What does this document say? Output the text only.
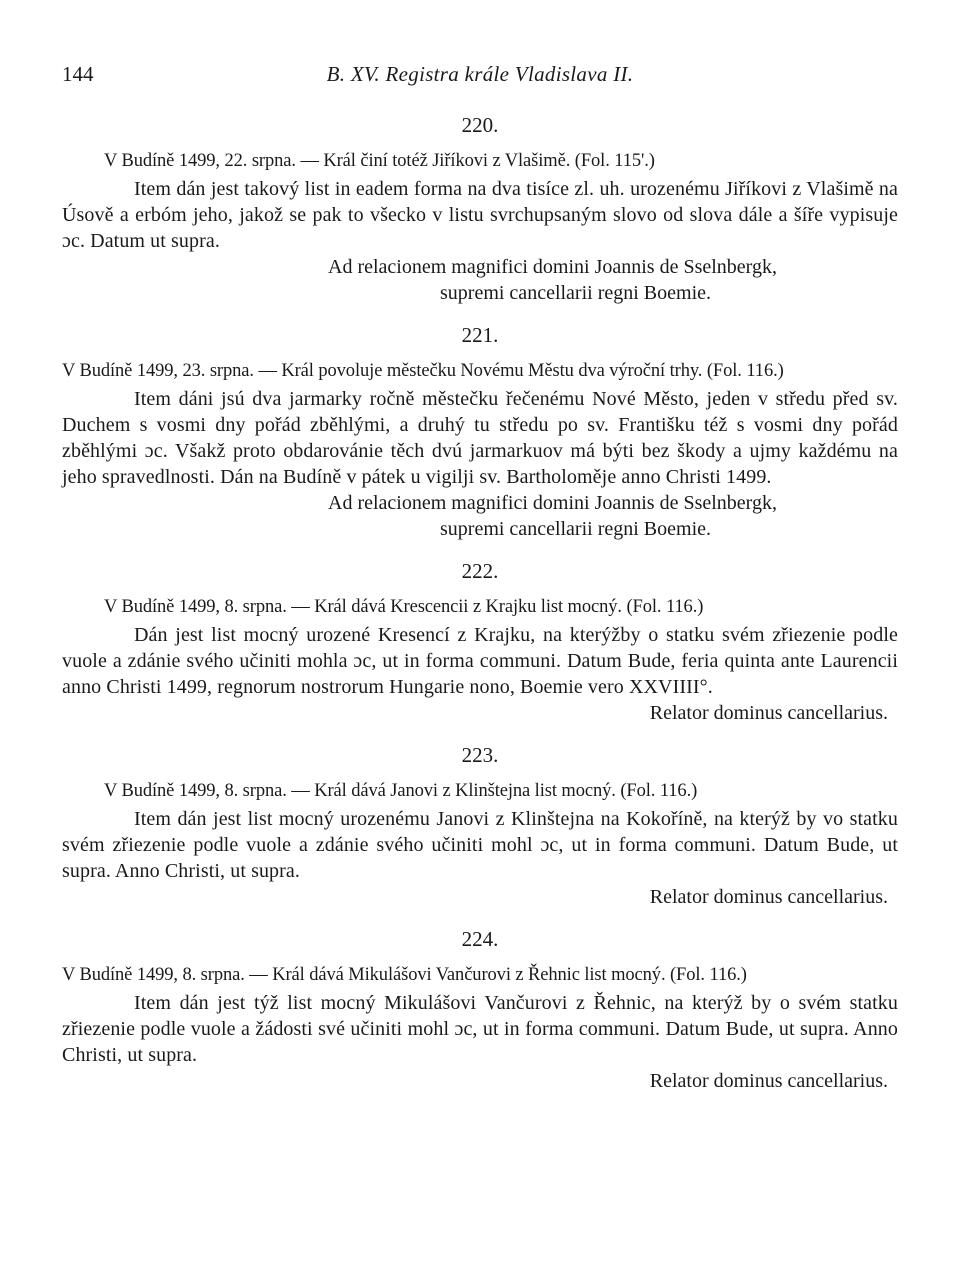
144	B. XV. Registra krále Vladislava II.
220.

V Budíně 1499, 22. srpna. — Král činí totéž Jiříkovi z Vlašimě. (Fol. 115'.)

Item dán jest takový list in eadem forma na dva tisíce zl. uh. urozenému Jiříkovi z Vlašimě na Úsově a erbóm jeho, jakož se pak to všecko v listu svrchupsaným slovo od slova dále a šíře vypisuje ɔc. Datum ut supra.

Ad relacionem magnifici domini Joannis de Sselnbergk,

supremi cancellarii regni Boemie.

221.

V Budíně 1499, 23. srpna. — Král povoluje městečku Novému Městu dva výroční trhy. (Fol. 116.)

Item dáni jsú dva jarmarky ročně městečku řečenému Nové Město, jeden v středu před sv. Duchem s vosmi dny pořád zběhlými, a druhý tu středu po sv. Františku též s vosmi dny pořád zběhlými ɔc. Všakž proto obdarovánie těch dvú jarmarkuov má býti bez škody a ujmy každému na jeho spravedlnosti. Dán na Budíně v pátek u vigilji sv. Bartholoměje anno Christi 1499.

Ad relacionem magnifici domini Joannis de Sselnbergk,

supremi cancellarii regni Boemie.

222.

V Budíně 1499, 8. srpna. — Král dává Krescencii z Krajku list mocný. (Fol. 116.)

Dán jest list mocný urozené Kresencí z Krajku, na kterýžby o statku svém zřiezenie podle vuole a zdánie svého učiniti mohla ɔc, ut in forma communi. Datum Bude, feria quinta ante Laurencii anno Christi 1499, regnorum nostrorum Hungarie nono, Boemie vero XXVIIII°.

Relator dominus cancellarius.

223.

V Budíně 1499, 8. srpna. — Král dává Janovi z Klinštejna list mocný. (Fol. 116.)

Item dán jest list mocný urozenému Janovi z Klinštejna na Kokoříně, na kterýž by vo statku svém zřiezenie podle vuole a zdánie svého učiniti mohl ɔc, ut in forma communi. Datum Bude, ut supra. Anno Christi, ut supra.

Relator dominus cancellarius.

224.

V Budíně 1499, 8. srpna. — Král dává Mikulášovi Vančurovi z Řehnic list mocný. (Fol. 116.)

Item dán jest týž list mocný Mikulášovi Vančurovi z Řehnic, na kterýž by o svém statku zřiezenie podle vuole a žádosti své učiniti mohl ɔc, ut in forma communi. Datum Bude, ut supra. Anno Christi, ut supra.

Relator dominus cancellarius.
